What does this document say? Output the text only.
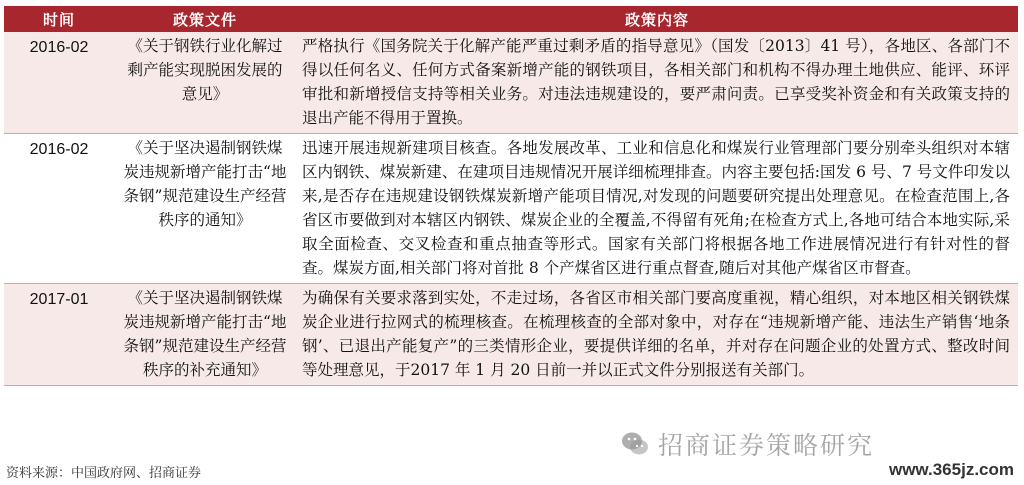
时间	政策文件	政策内容
2016-02	《关于钢铁行业化解过剩产能实现脱困发展的意见》	严格执行《国务院关于化解产能严重过剩矛盾的指导意见》（国发〔2013〕41 号），各地区、各部门不得以任何名义、任何方式备案新增产能的钢铁项目，各相关部门和机构不得办理土地供应、能评、环评审批和新增授信支持等相关业务。对违法违规建设的，要严肃问责。已享受奖补资金和有关政策支持的退出产能不得用于置换。
2016-02	《关于坚决遏制钢铁煤炭违规新增产能打击“地条钢”规范建设生产经营秩序的通知》	迅速开展违规新建项目核查。各地发展改革、工业和信息化和煤炭行业管理部门要分别牵头组织对本辖区内钢铁、煤炭新建、在建项目违规情况开展详细梳理排查。内容主要包括:国发 6 号、7 号文件印发以来,是否存在违规建设钢铁煤炭新增产能项目情况,对发现的问题要研究提出处理意见。在检查范围上,各省区市要做到对本辖区内钢铁、煤炭企业的全覆盖,不得留有死角;在检查方式上,各地可结合本地实际,采取全面检查、交叉检查和重点抽查等形式。国家有关部门将根据各地工作进展情况进行有针对性的督查。煤炭方面,相关部门将对首批 8 个产煤省区进行重点督查,随后对其他产煤省区市督查。
2017-01	《关于坚决遏制钢铁煤炭违规新增产能打击“地条钢”规范建设生产经营秩序的补充通知》	为确保有关要求落到实处，不走过场，各省区市相关部门要高度重视，精心组织，对本地区相关钢铁煤炭企业进行拉网式的梳理核查。在梳理核查的全部对象中，对存在“违规新增产能、违法生产销售‘地条钢’、已退出产能复产”的三类情形企业，要提供详细的名单，并对存在问题企业的处置方式、整改时间等处理意见，于2017 年 1 月 20 日前一并以正式文件分别报送有关部门。
招商证券策略研究
资料来源：中国政府网、招商证券	www.365jz.com
